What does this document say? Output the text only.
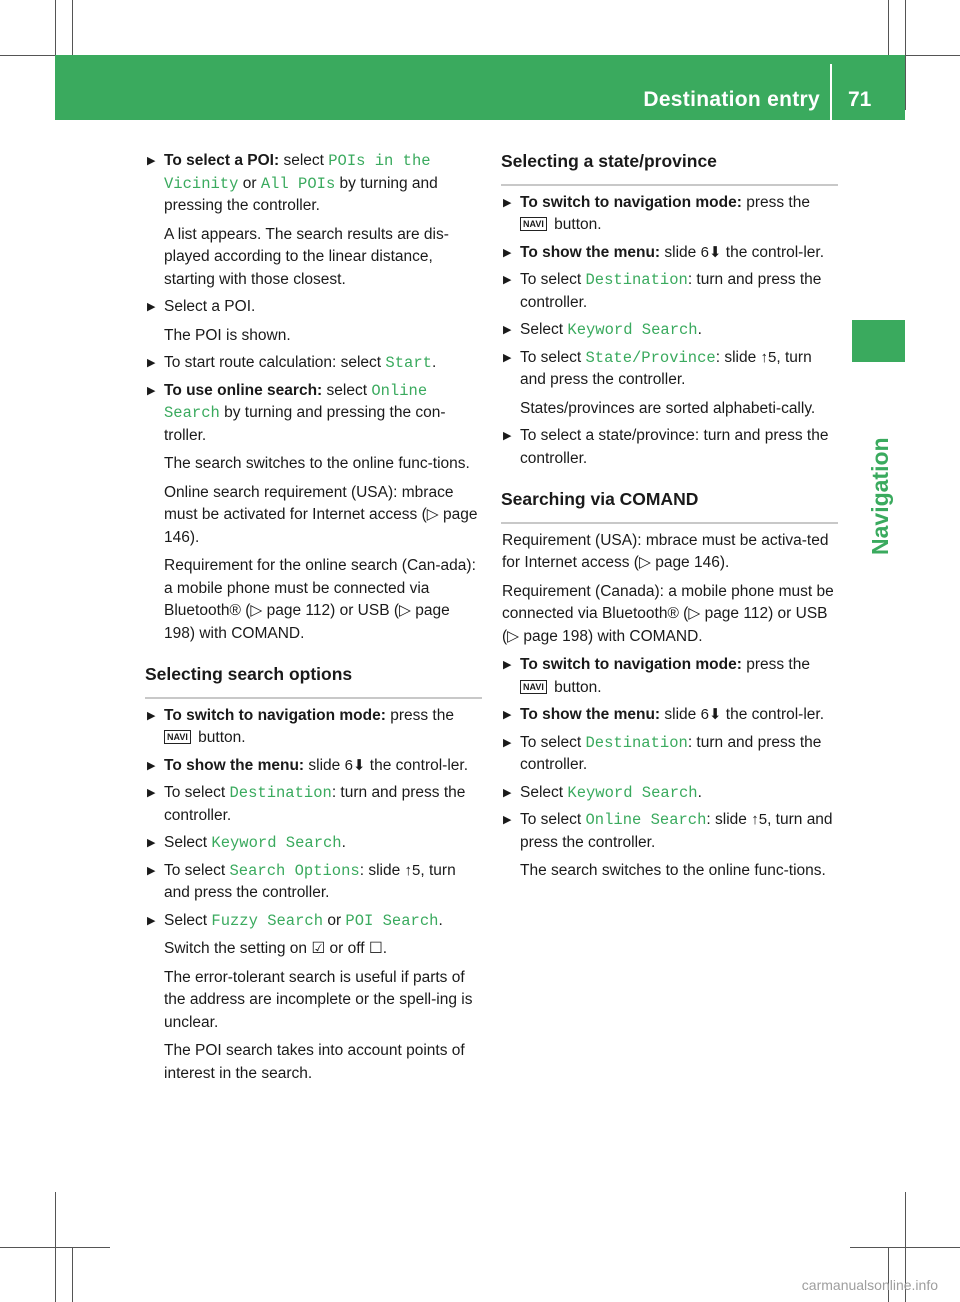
Destination entry 71
Navigation
▶ To select a POI: select POIs in the Vicinity or All POIs by turning and pressing the controller.

A list appears. The search results are dis-played according to the linear distance, starting with those closest.

▶ Select a POI.

The POI is shown.

▶ To start route calculation: select Start.

▶ To use online search: select Online Search by turning and pressing the con-troller.

The search switches to the online func-tions.

Online search requirement (USA): mbrace must be activated for Internet access (▷ page 146).

Requirement for the online search (Can-ada): a mobile phone must be connected via Bluetooth® (▷ page 112) or USB (▷ page 198) with COMAND.

Selecting search options
▶ To switch to navigation mode: press the
NAVI button.

▶ To show the menu: slide 6⬇ the control-ler.

▶ To select Destination: turn and press the controller.

▶ Select Keyword Search.

▶ To select Search Options: slide ↑5, turn and press the controller.

▶ Select Fuzzy Search or POI Search.

Switch the setting on ☑ or off ☐.

The error-tolerant search is useful if parts of the address are incomplete or the spell-ing is unclear.

The POI search takes into account points of interest in the search.

Selecting a state/province
▶ To switch to navigation mode: press the
NAVI button.

▶ To show the menu: slide 6⬇ the control-ler.

▶ To select Destination: turn and press the controller.

▶ Select Keyword Search.

▶ To select State/Province: slide ↑5, turn and press the controller.

States/provinces are sorted alphabeti-cally.

▶ To select a state/province: turn and press the controller.

Searching via COMAND

Requirement (USA): mbrace must be activa-ted for Internet access (▷ page 146).

Requirement (Canada): a mobile phone must be connected via Bluetooth® (▷ page 112) or USB (▷ page 198) with COMAND.

▶ To switch to navigation mode: press the
NAVI button.

▶ To show the menu: slide 6⬇ the control-ler.

▶ To select Destination: turn and press the controller.

▶ Select Keyword Search.

▶ To select Online Search: slide ↑5, turn and press the controller.

The search switches to the online func-tions.

carmanualsonline.info
